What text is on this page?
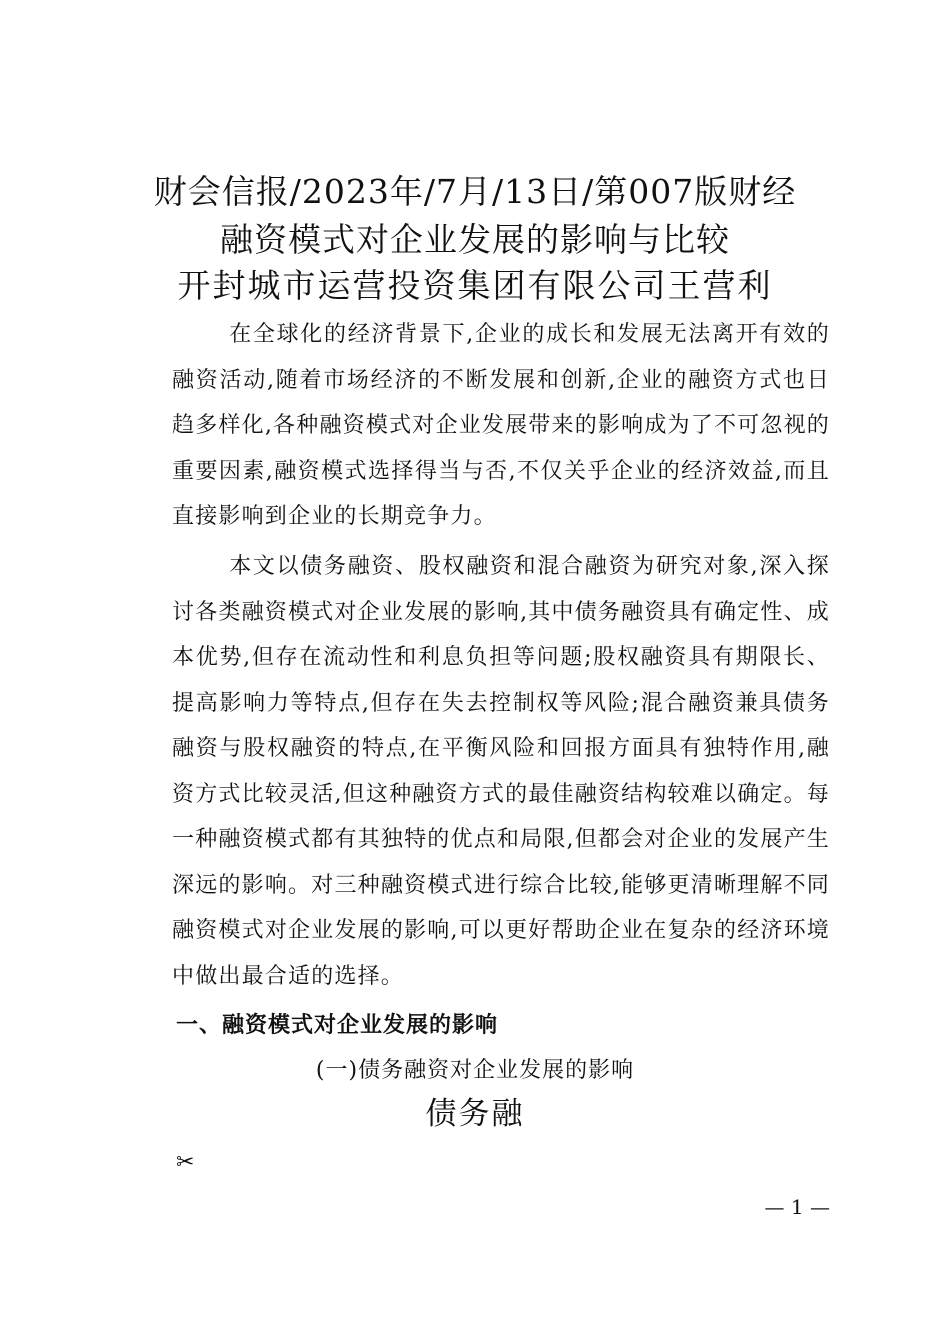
财会信报/2023年/7月/13日/第007版财经
融资模式对企业发展的影响与比较
开封城市运营投资集团有限公司王营利

在全球化的经济背景下,企业的成长和发展无法离开有效的融资活动,随着市场经济的不断发展和创新,企业的融资方式也日趋多样化,各种融资模式对企业发展带来的影响成为了不可忽视的重要因素,融资模式选择得当与否,不仅关乎企业的经济效益,而且直接影响到企业的长期竞争力。

本文以债务融资、股权融资和混合融资为研究对象,深入探讨各类融资模式对企业发展的影响,其中债务融资具有确定性、成本优势,但存在流动性和利息负担等问题;股权融资具有期限长、提高影响力等特点,但存在失去控制权等风险;混合融资兼具债务融资与股权融资的特点,在平衡风险和回报方面具有独特作用,融资方式比较灵活,但这种融资方式的最佳融资结构较难以确定。每一种融资模式都有其独特的优点和局限,但都会对企业的发展产生深远的影响。对三种融资模式进行综合比较,能够更清晰理解不同融资模式对企业发展的影响,可以更好帮助企业在复杂的经济环境中做出最合适的选择。

一、融资模式对企业发展的影响
(一)债务融资对企业发展的影响
债务融
✂
— 1 —
